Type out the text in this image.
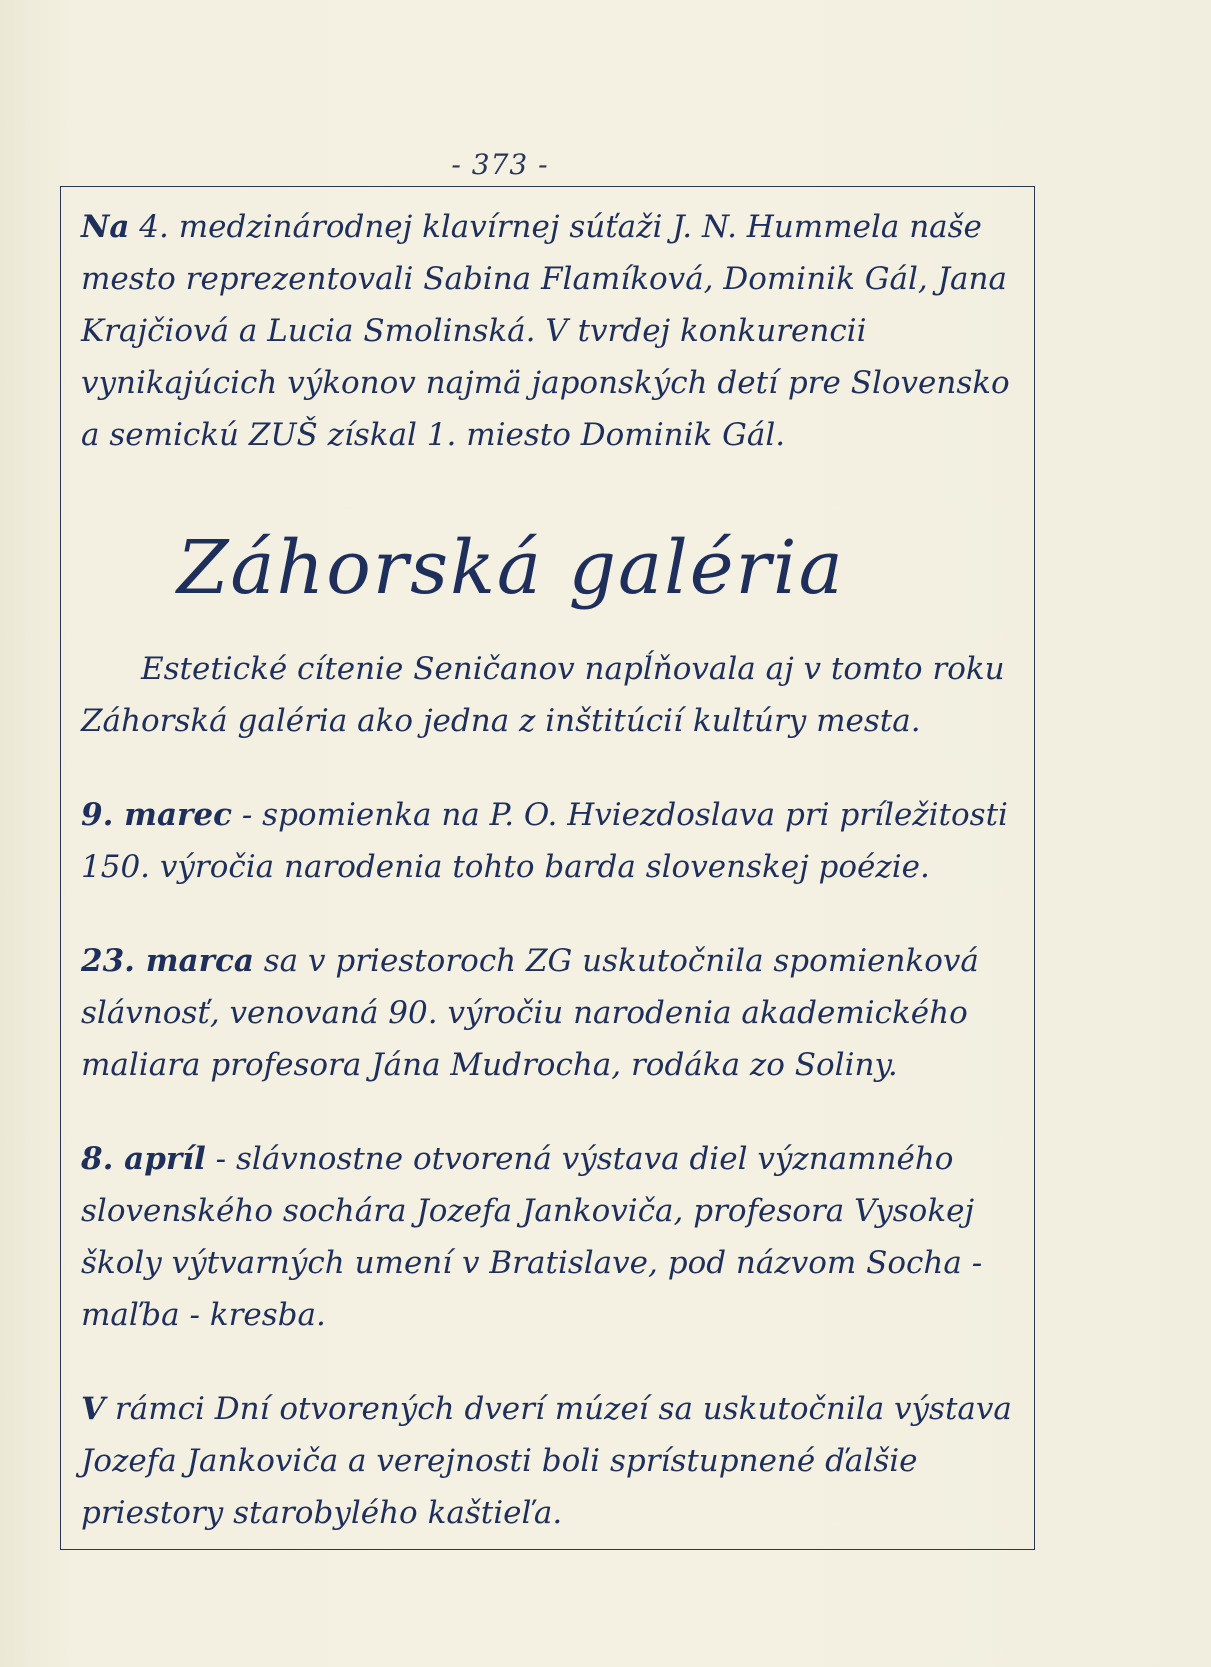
- 373 -

Na 4. medzinárodnej klavírnej súťaži J. N. Hummela naše mesto reprezentovali Sabina Flamíková, Dominik Gál, Jana Krajčiová a Lucia Smolinská. V tvrdej konkurencii vynikajúcich výkonov najmä japonských detí pre Slovensko a semickú ZUŠ získal 1. miesto Dominik Gál.

Záhorská galéria

Estetické cítenie Seničanov napĺňovala aj v tomto roku Záhorská galéria ako jedna z inštitúcií kultúry mesta.

9. marec - spomienka na P. O. Hviezdoslava pri príležitosti 150. výročia narodenia tohto barda slovenskej poézie.

23. marca sa v priestoroch ZG uskutočnila spomienková slávnosť, venovaná 90. výročiu narodenia akademického maliara profesora Jána Mudrocha, rodáka zo Soliny.

8. apríl - slávnostne otvorená výstava diel významného slovenského sochára Jozefa Jankoviča, profesora Vysokej školy výtvarných umení v Bratislave, pod názvom Socha - maľba - kresba.

V rámci Dní otvorených dverí múzeí sa uskutočnila výstava Jozefa Jankoviča a verejnosti boli sprístupnené ďalšie priestory starobylého kaštieľa.
